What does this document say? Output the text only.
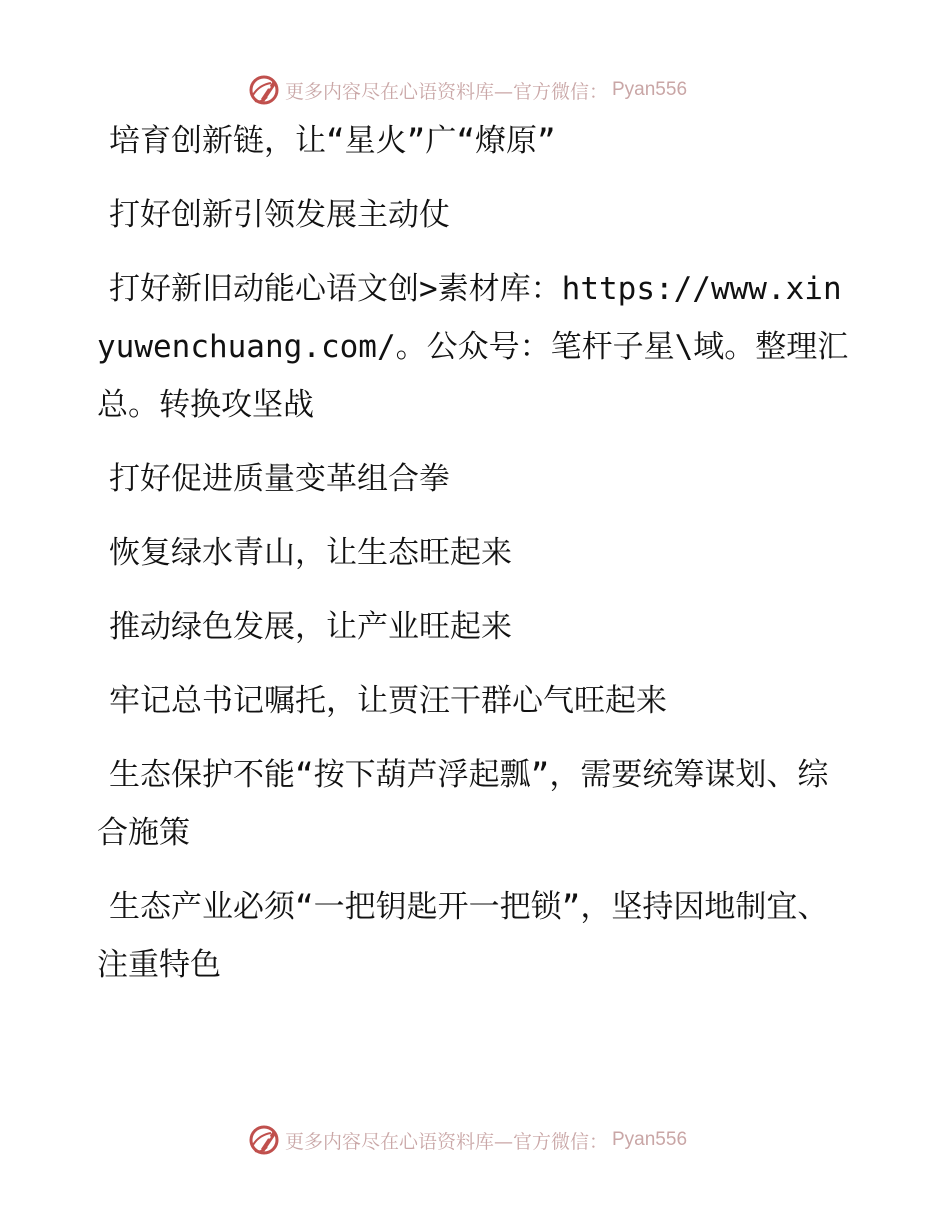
更多内容尽在心语资料库—官方微信： Pyan556

培育创新链，让“星火”广“燎原”

打好创新引领发展主动仗

打好新旧动能心语文创>素材库：https://www.xinyuwenchuang.com/。公众号：笔杆子星\域。整理汇总。转换攻坚战

打好促进质量变革组合拳

恢复绿水青山，让生态旺起来

推动绿色发展，让产业旺起来

牢记总书记嘱托，让贾汪干群心气旺起来

生态保护不能“按下葫芦浮起瓢”，需要统筹谋划、综合施策

生态产业必须“一把钥匙开一把锁”，坚持因地制宜、注重特色

更多内容尽在心语资料库—官方微信： Pyan556
